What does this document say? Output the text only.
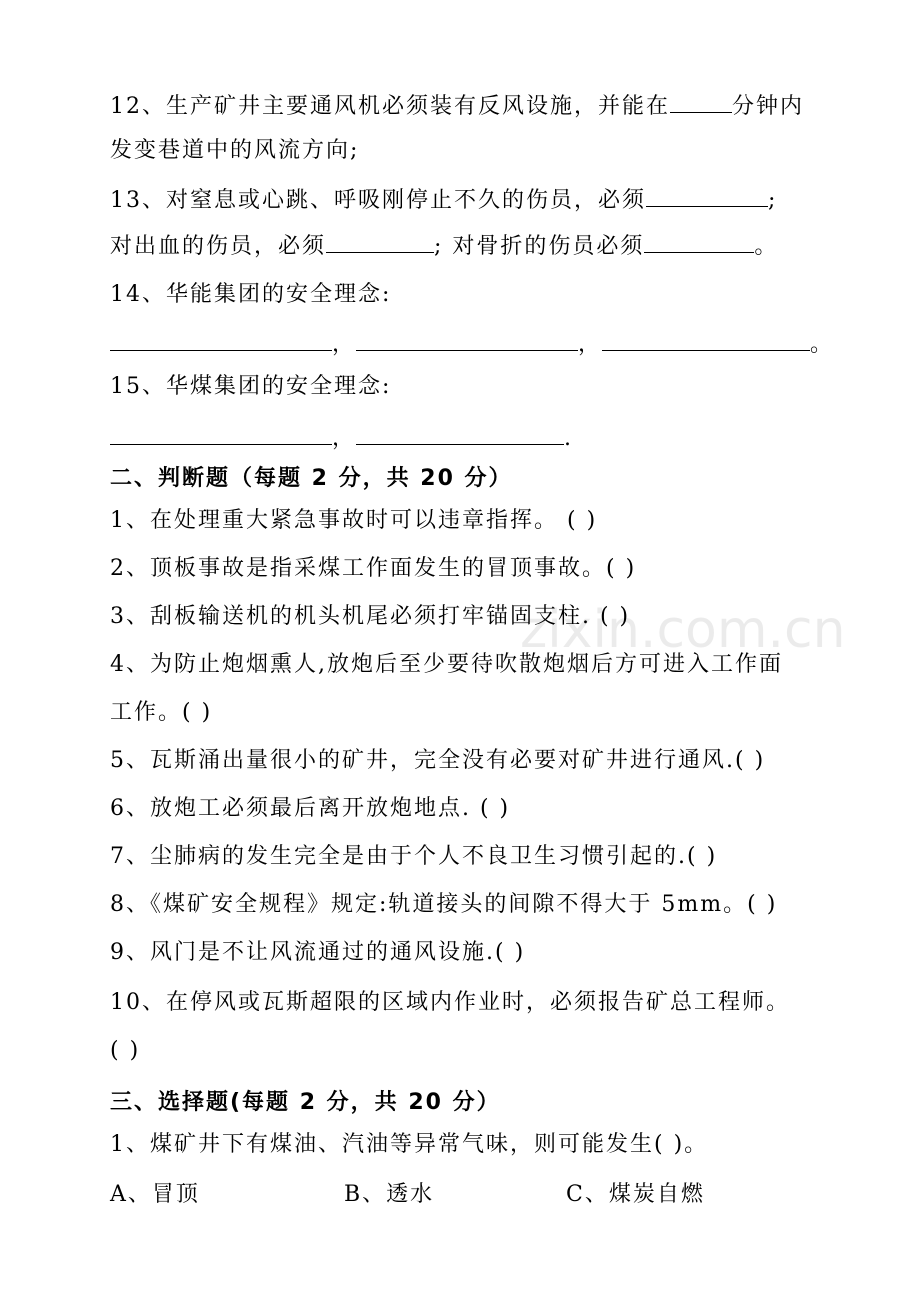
12、生产矿井主要通风机必须装有反风设施，并能在	分钟内
发变巷道中的风流方向;
13、对窒息或心跳、呼吸刚停止不久的伤员，必须	;
对出血的伤员，必须	; 对骨折的伤员必须	。
14、华能集团的安全理念:
，	，	。
15、华煤集团的安全理念:
，	.
二、判断题（每题 2 分，共 20 分）
1、在处理重大紧急事故时可以违章指挥。 ( )
2、顶板事故是指采煤工作面发生的冒顶事故。( )
3、刮板输送机的机头机尾必须打牢锚固支柱. ( )
4、为防止炮烟熏人,放炮后至少要待吹散炮烟后方可进入工作面
工作。( )
5、瓦斯涌出量很小的矿井，完全没有必要对矿井进行通风.( )
6、放炮工必须最后离开放炮地点. ( )
7、尘肺病的发生完全是由于个人不良卫生习惯引起的.( )
8、《煤矿安全规程》规定:轨道接头的间隙不得大于 5mm。( )
9、风门是不让风流通过的通风设施.( )
10、在停风或瓦斯超限的区域内作业时，必须报告矿总工程师。
( )
三、选择题(每题 2 分，共 20 分）
1、煤矿井下有煤油、汽油等异常气味，则可能发生( )。
A、冒顶	B、透水	C、煤炭自燃
zixin.com.cn
